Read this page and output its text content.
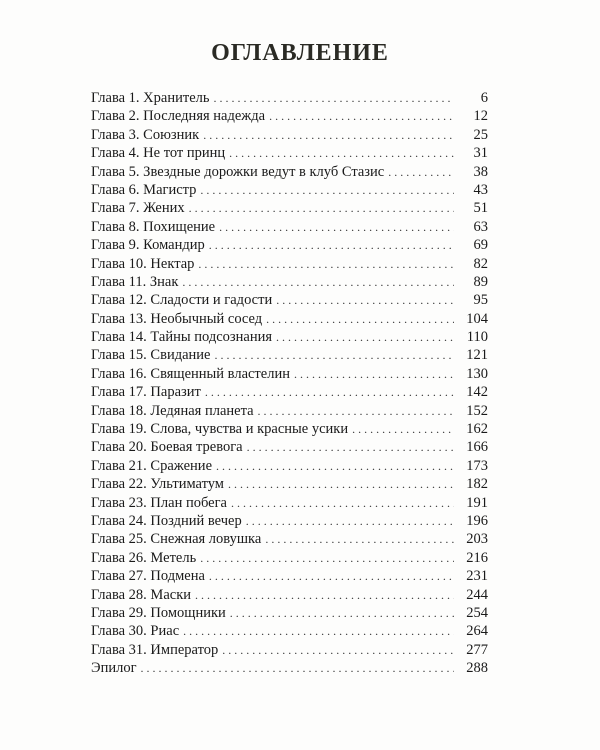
ОГЛАВЛЕНИЕ
Глава 1. Хранитель . . .	6
Глава 2. Последняя надежда . . .	12
Глава 3. Союзник . . .	25
Глава 4. Не тот принц . . .	31
Глава 5. Звездные дорожки ведут в клуб Стазис . . .	38
Глава 6. Магистр . . .	43
Глава 7. Жених . . .	51
Глава 8. Похищение . . .	63
Глава 9. Командир . . .	69
Глава 10. Нектар . . .	82
Глава 11. Знак . . .	89
Глава 12. Сладости и гадости . . .	95
Глава 13. Необычный сосед . . .	104
Глава 14. Тайны подсознания . . .	110
Глава 15. Свидание . . .	121
Глава 16. Священный властелин . . .	130
Глава 17. Паразит . . .	142
Глава 18. Ледяная планета . . .	152
Глава 19. Слова, чувства и красные усики . . .	162
Глава 20. Боевая тревога . . .	166
Глава 21. Сражение . . .	173
Глава 22. Ультиматум . . .	182
Глава 23. План побега . . .	191
Глава 24. Поздний вечер . . .	196
Глава 25. Снежная ловушка . . .	203
Глава 26. Метель . . .	216
Глава 27. Подмена . . .	231
Глава 28. Маски . . .	244
Глава 29. Помощники . . .	254
Глава 30. Риас . . .	264
Глава 31. Император . . .	277
Эпилог . . .	288
